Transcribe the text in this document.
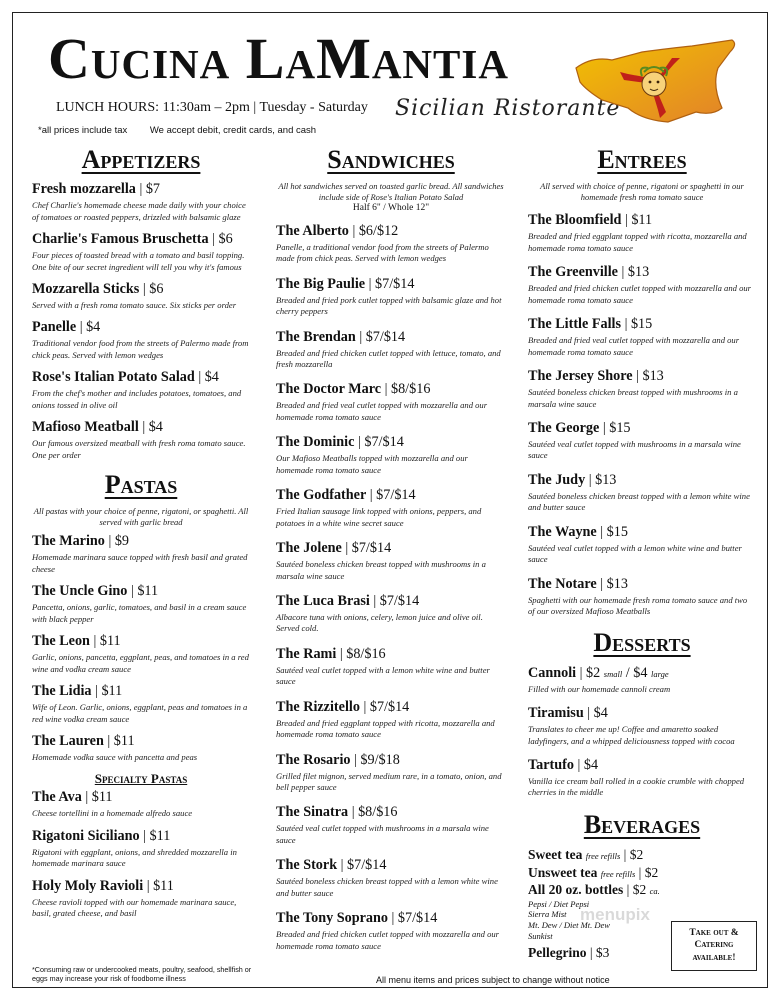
Cucina LaMantia
LUNCH HOURS: 11:30am – 2pm | Tuesday - Saturday Sicilian Ristorante
*all prices include tax We accept debit, credit cards, and cash
Appetizers
Fresh mozzarella | $7
Chef Charlie's homemade cheese made daily with your choice of tomatoes or roasted peppers, drizzled with balsamic glaze
Charlie's Famous Bruschetta | $6
Four pieces of toasted bread with a tomato and basil topping. One bite of our secret ingredient will tell you why it's famous
Mozzarella Sticks | $6
Served with a fresh roma tomato sauce. Six sticks per order
Panelle | $4
Traditional vendor food from the streets of Palermo made from chick peas. Served with lemon wedges
Rose's Italian Potato Salad | $4
From the chef's mother and includes potatoes, tomatoes, and onions tossed in olive oil
Mafioso Meatball | $4
Our famous oversized meatball with fresh roma tomato sauce. One per order
Pastas
All pastas with your choice of penne, rigatoni, or spaghetti. All served with garlic bread
The Marino | $9
Homemade marinara sauce topped with fresh basil and grated cheese
The Uncle Gino | $11
Pancetta, onions, garlic, tomatoes, and basil in a cream sauce with black pepper
The Leon | $11
Garlic, onions, pancetta, eggplant, peas, and tomatoes in a red wine and vodka cream sauce
The Lidia | $11
Wife of Leon. Garlic, onions, eggplant, peas and tomatoes in a red wine vodka cream sauce
The Lauren | $11
Homemade vodka sauce with pancetta and peas
Specialty Pastas
The Ava | $11
Cheese tortellini in a homemade alfredo sauce
Rigatoni Siciliano | $11
Rigatoni with eggplant, onions, and shredded mozzarella in homemade marinara sauce
Holy Moly Ravioli | $11
Cheese ravioli topped with our homemade marinara sauce, basil, grated cheese, and basil
Sandwiches
All hot sandwiches served on toasted garlic bread. All sandwiches include side of Rose's Italian Potato Salad
Half 6" / Whole 12"
The Alberto | $6/$12
Panelle, a traditional vendor food from the streets of Palermo made from chick peas. Served with lemon wedges
The Big Paulie | $7/$14
Breaded and fried pork cutlet topped with balsamic glaze and hot cherry peppers
The Brendan | $7/$14
Breaded and fried chicken cutlet topped with lettuce, tomato, and fresh mozzarella
The Doctor Marc | $8/$16
Breaded and fried veal cutlet topped with mozzarella and our homemade roma tomato sauce
The Dominic | $7/$14
Our Mafioso Meatballs topped with mozzarella and our homemade roma tomato sauce
The Godfather | $7/$14
Fried Italian sausage link topped with onions, peppers, and potatoes in a white wine secret sauce
The Jolene | $7/$14
Sautéed boneless chicken breast topped with mushrooms in a marsala wine sauce
The Luca Brasi | $7/$14
Albacore tuna with onions, celery, lemon juice and olive oil. Served cold.
The Rami | $8/$16
Sautéed veal cutlet topped with a lemon white wine and butter sauce
The Rizzitello | $7/$14
Breaded and fried eggplant topped with ricotta, mozzarella and homemade roma tomato sauce
The Rosario | $9/$18
Grilled filet mignon, served medium rare, in a tomato, onion, and bell pepper sauce
The Sinatra | $8/$16
Sautéed veal cutlet topped with mushrooms in a marsala wine sauce
The Stork | $7/$14
Sautéed boneless chicken breast topped with a lemon white wine and butter sauce
The Tony Soprano | $7/$14
Breaded and fried chicken cutlet topped with mozzarella and our homemade roma tomato sauce
Entrees
All served with choice of penne, rigatoni or spaghetti in our homemade fresh roma tomato sauce
The Bloomfield | $11
Breaded and fried eggplant topped with ricotta, mozzarella and homemade roma tomato sauce
The Greenville | $13
Breaded and fried chicken cutlet topped with mozzarella and our homemade roma tomato sauce
The Little Falls | $15
Breaded and fried veal cutlet topped with mozzarella and our homemade roma tomato sauce
The Jersey Shore | $13
Sautéed boneless chicken breast topped with mushrooms in a marsala wine sauce
The George | $15
Sautéed veal cutlet topped with mushrooms in a marsala wine sauce
The Judy | $13
Sautéed boneless chicken breast topped with a lemon white wine and butter sauce
The Wayne | $15
Sautéed veal cutlet topped with a lemon white wine and butter sauce
The Notare | $13
Spaghetti with our homemade fresh roma tomato sauce and two of our oversized Mafioso Meatballs
Desserts
Cannoli | $2 small / $4 large
Filled with our homemade cannoli cream
Tiramisu | $4
Translates to cheer me up! Coffee and amaretto soaked ladyfingers, and a whipped deliciousness topped with cocoa
Tartufo | $4
Vanilla ice cream ball rolled in a cookie crumble with chopped cherries in the middle
Beverages
Sweet tea free refills | $2
Unsweet tea free refills | $2
All 20 oz. bottles | $2 ca.
Pepsi / Diet Pepsi
Sierra Mist
Mt. Dew / Diet Mt. Dew
Sunkist
Pellegrino | $3
menupix
Take out &
Catering
available!
*Consuming raw or undercooked meats, poultry, seafood, shellfish or eggs may increase your risk of foodborne illness	All menu items and prices subject to change without notice
